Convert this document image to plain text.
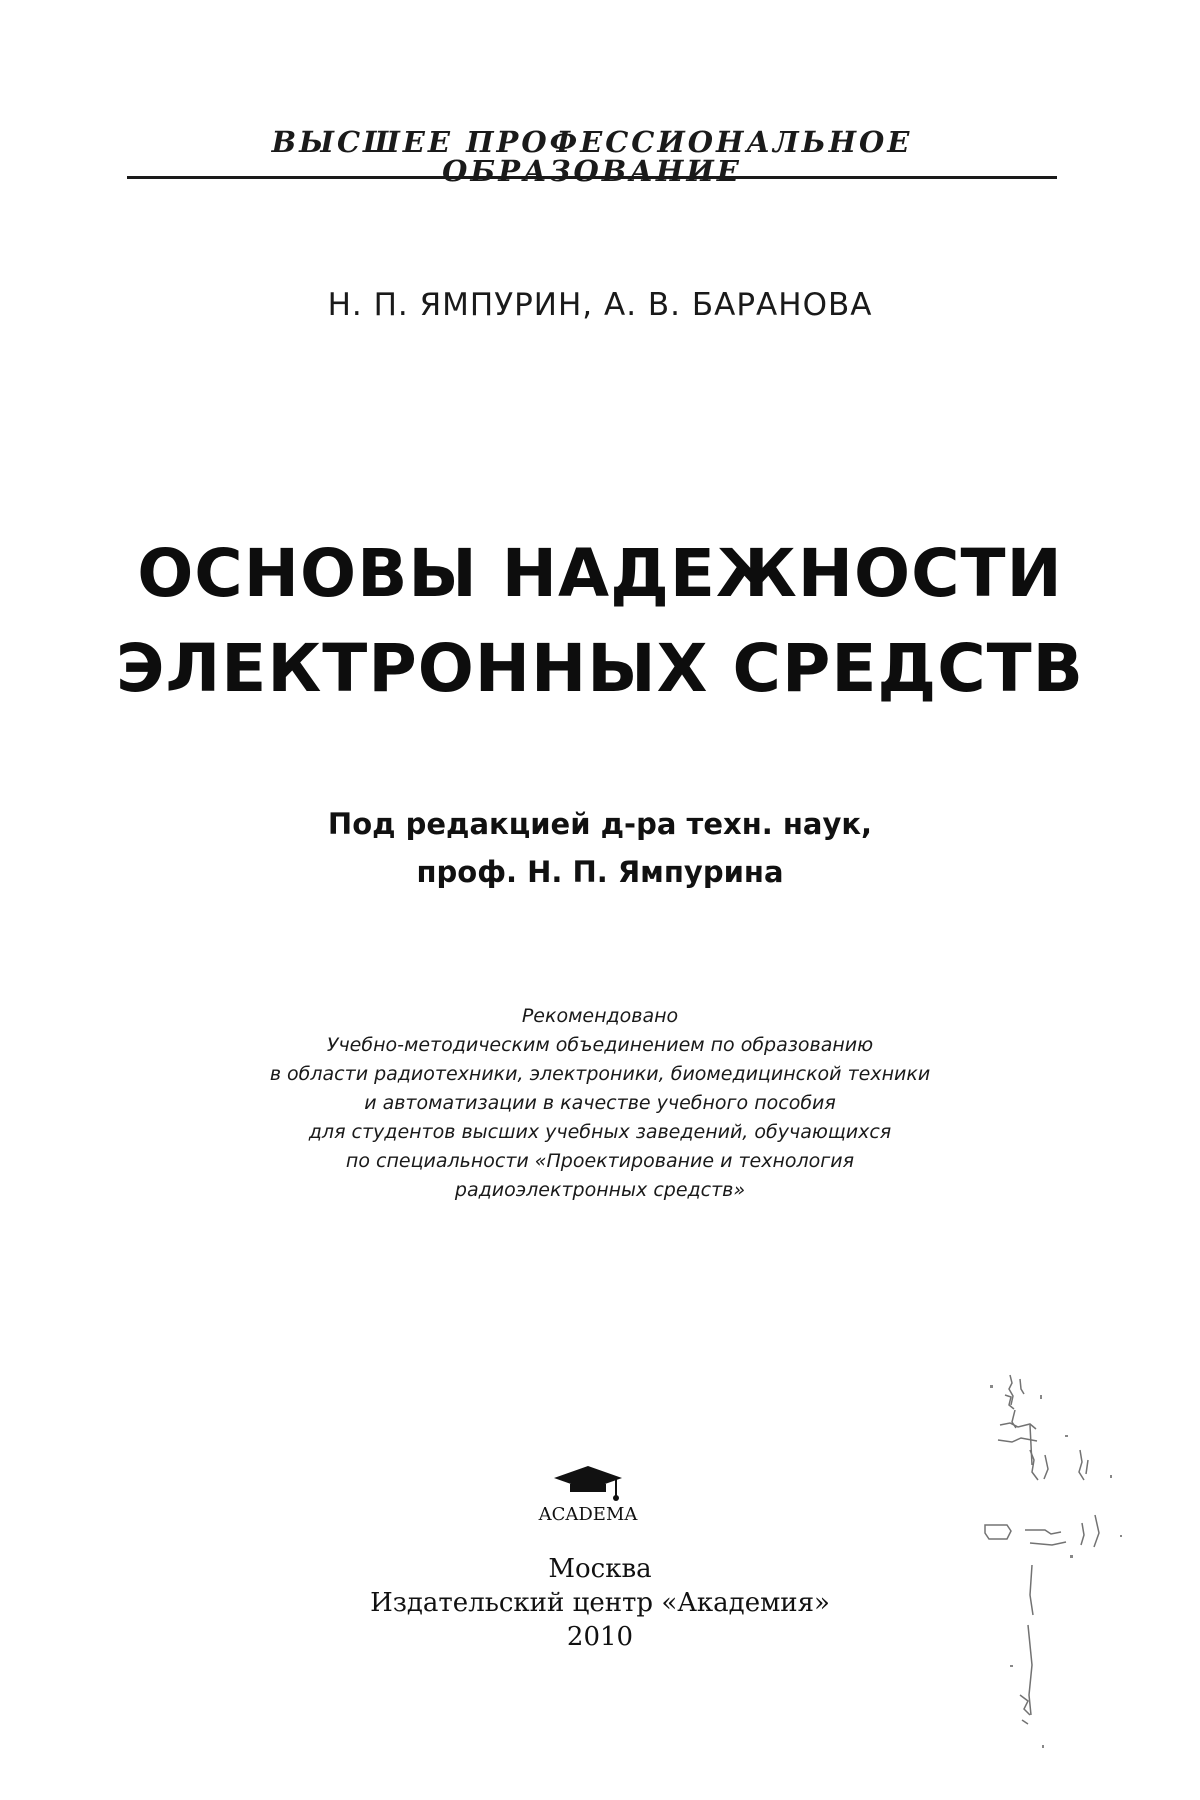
ВЫСШЕЕ ПРОФЕССИОНАЛЬНОЕ ОБРАЗОВАНИЕ
Н. П. ЯМПУРИН, А. В. БАРАНОВА
ОСНОВЫ НАДЕЖНОСТИ
ЭЛЕКТРОННЫХ СРЕДСТВ
Под редакцией д-ра техн. наук,
проф. Н. П. Ямпурина
Рекомендовано
Учебно-методическим объединением по образованию
в области радиотехники, электроники, биомедицинской техники
и автоматизации в качестве учебного пособия
для студентов высших учебных заведений, обучающихся
по специальности «Проектирование и технология
радиоэлектронных средств»
ACADEMA
Москва
Издательский центр «Академия»
2010
